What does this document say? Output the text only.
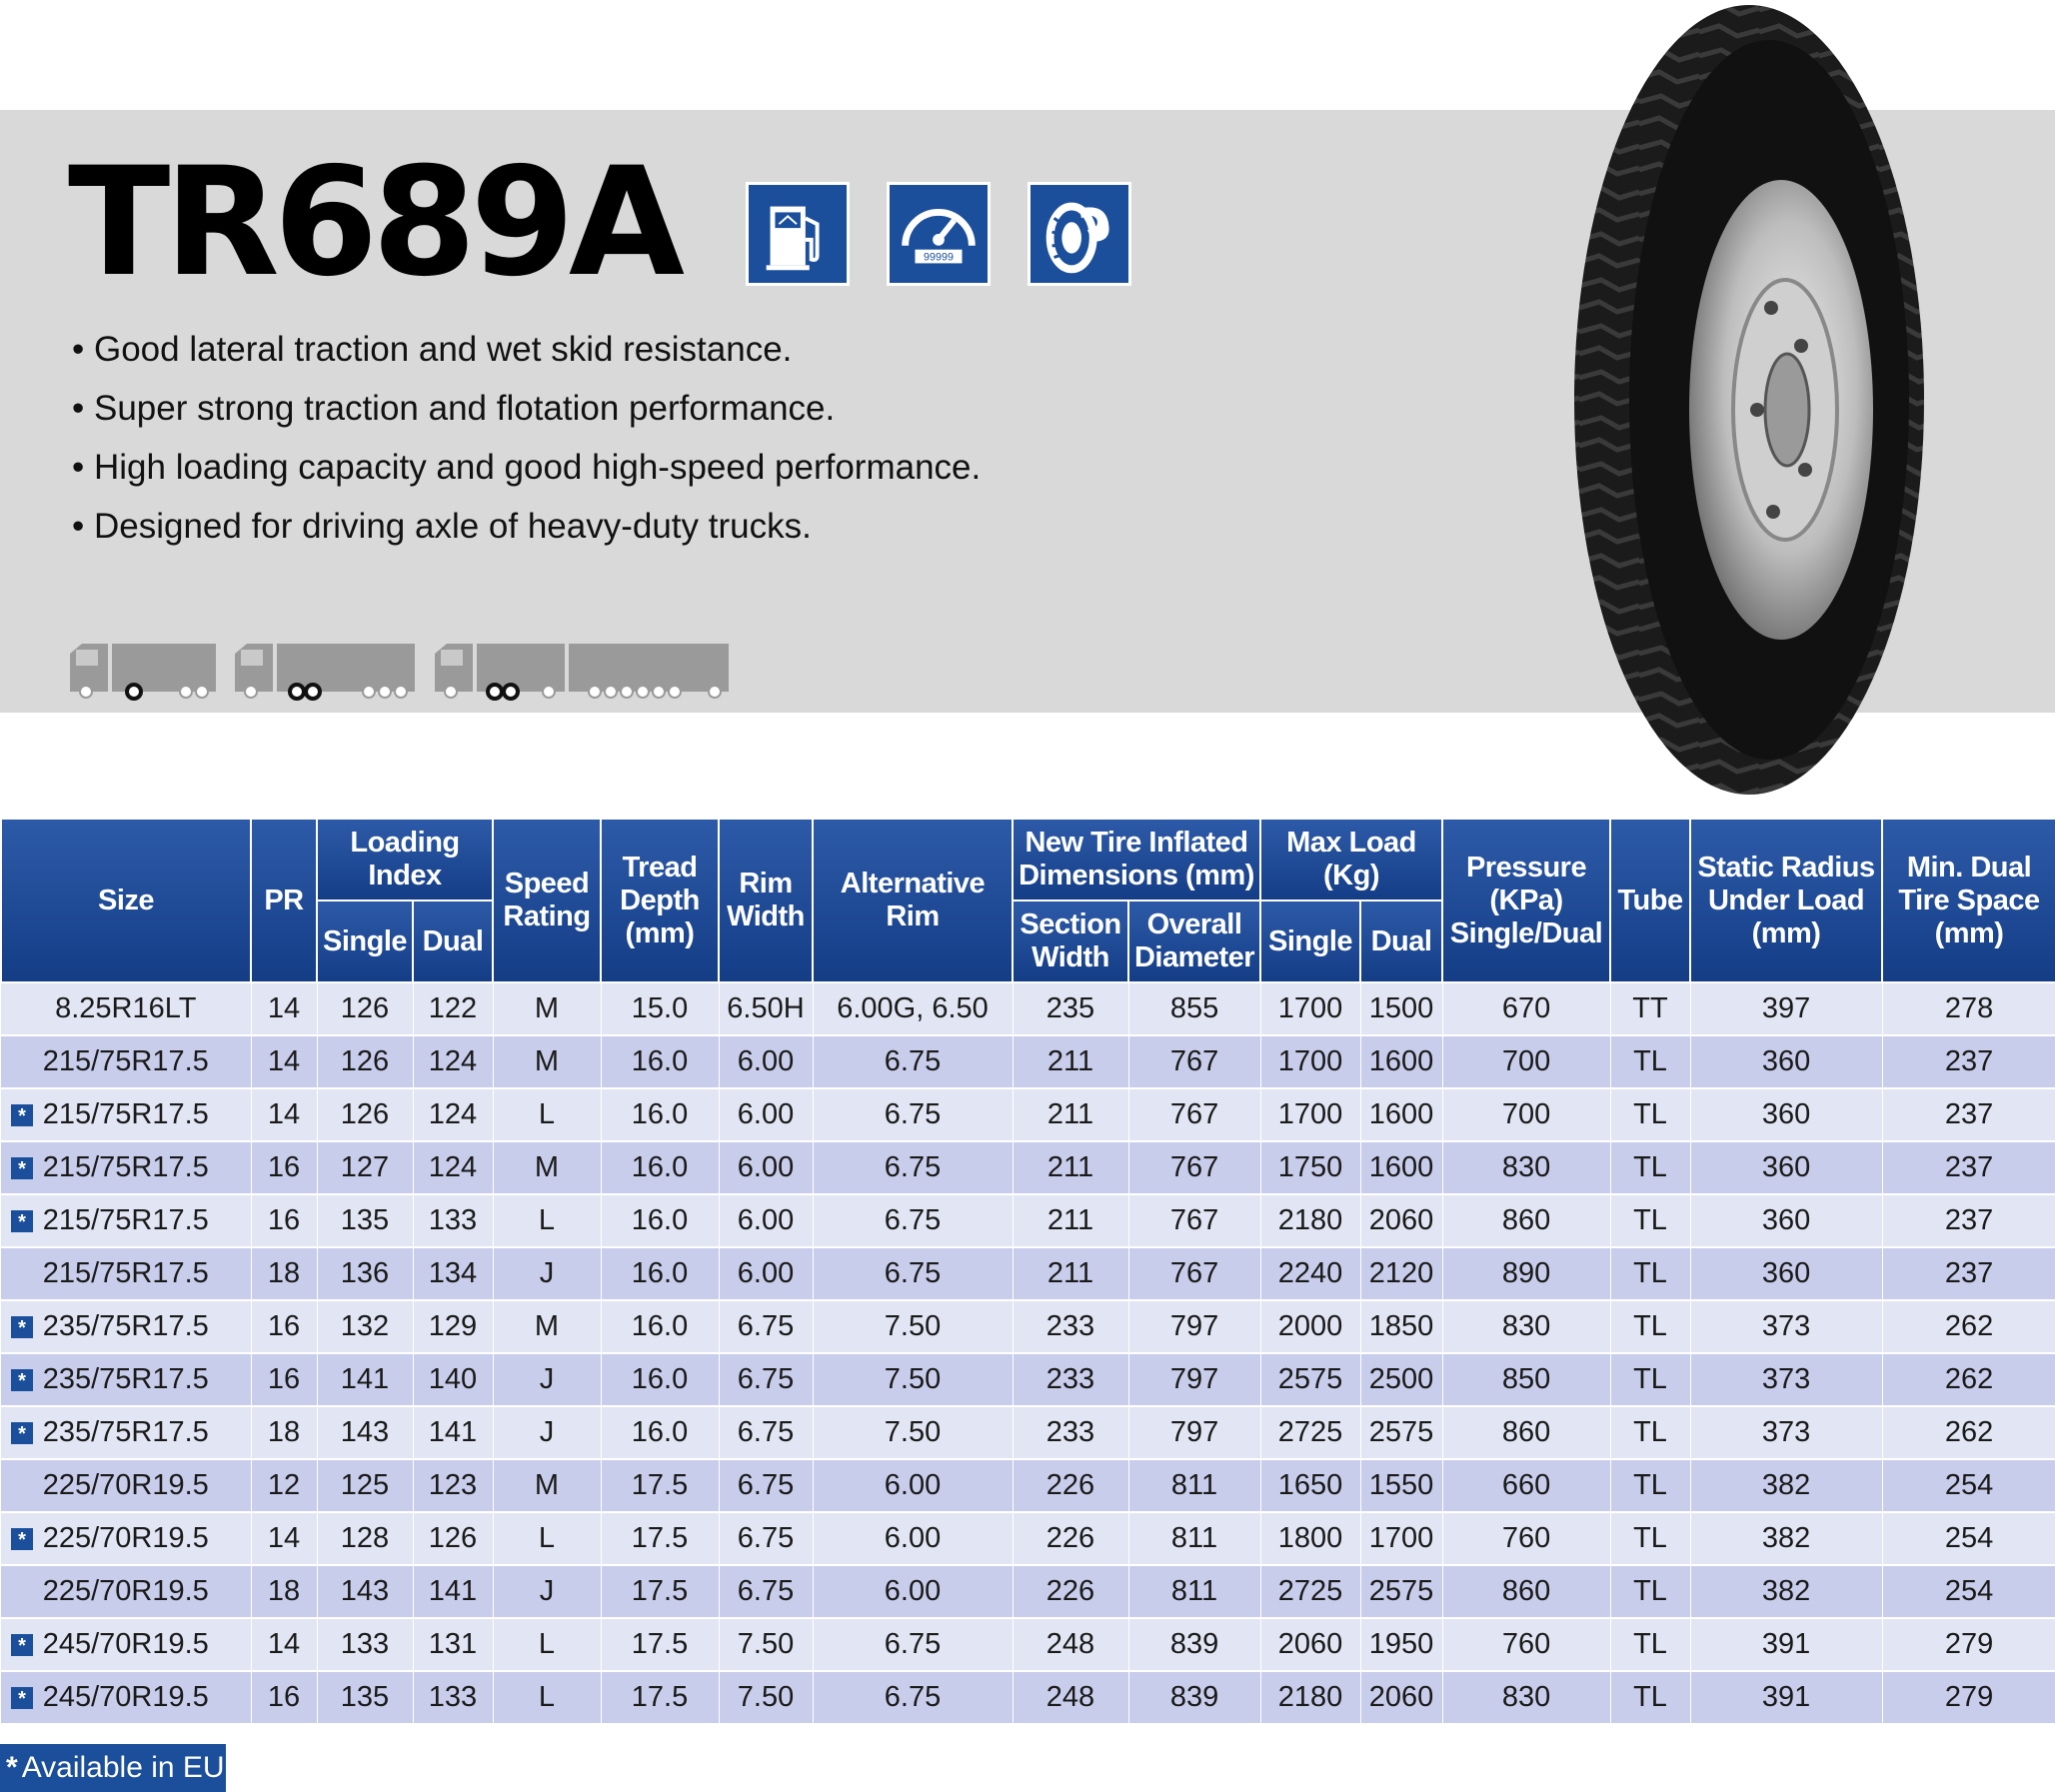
TR689A	99999
• Good lateral traction and wet skid resistance.
• Super strong traction and flotation performance.
• High loading capacity and good high-speed performance.
• Designed for driving axle of heavy-duty trucks.
Size	PR	Loading Index		Speed Rating	Tread Depth (mm)	Rim Width	Alternative Rim	New Tire Inflated Dimensions (mm)		Max Load (Kg)		Pressure (KPa) Single/Dual	Tube	Static Radius Under Load (mm)	Min. Dual Tire Space (mm)
		Single	Dual					Section Width	Overall Diameter	Single	Dual				
8.25R16LT	14	126	122	M	15.0	6.50H	6.00G, 6.50	235	855	1700	1500	670	TT	397	278
215/75R17.5	14	126	124	M	16.0	6.00	6.75	211	767	1700	1600	700	TL	360	237

* 215/75R17.5	14	126	124	L	16.0	6.00	6.75	211	767	1700	1600	700	TL	360	237

* 215/75R17.5	16	127	124	M	16.0	6.00	6.75	211	767	1750	1600	830	TL	360	237

* 215/75R17.5	16	135	133	L	16.0	6.00	6.75	211	767	2180	2060	860	TL	360	237
215/75R17.5	18	136	134	J	16.0	6.00	6.75	211	767	2240	2120	890	TL	360	237

* 235/75R17.5	16	132	129	M	16.0	6.75	7.50	233	797	2000	1850	830	TL	373	262

* 235/75R17.5	16	141	140	J	16.0	6.75	7.50	233	797	2575	2500	850	TL	373	262

* 235/75R17.5	18	143	141	J	16.0	6.75	7.50	233	797	2725	2575	860	TL	373	262
225/70R19.5	12	125	123	M	17.5	6.75	6.00	226	811	1650	1550	660	TL	382	254

* 225/70R19.5	14	128	126	L	17.5	6.75	6.00	226	811	1800	1700	760	TL	382	254
225/70R19.5	18	143	141	J	17.5	6.75	6.00	226	811	2725	2575	860	TL	382	254

* 245/70R19.5	14	133	131	L	17.5	7.50	6.75	248	839	2060	1950	760	TL	391	279

* 245/70R19.5	16	135	133	L	17.5	7.50	6.75	248	839	2180	2060	830	TL	391	279
* Available in EU
